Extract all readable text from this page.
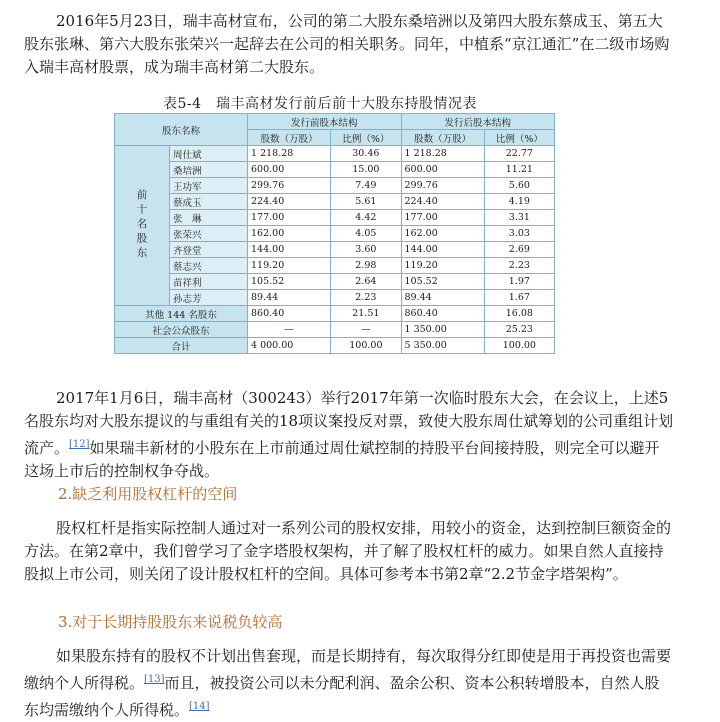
2016年5月23日，瑞丰高材宣布，公司的第二大股东桑培洲以及第四大股东蔡成玉、第五大股东张琳、第六大股东张荣兴一起辞去在公司的相关职务。同年，中植系“京江通汇”在二级市场购入瑞丰高材股票，成为瑞丰高材第二大股东。

表5-4　瑞丰高材发行前后前十大股东持股情况表
股东名称		发行前股本结构		发行后股本结构	
		股数（万股）	比例（%）	股数（万股）	比例（%）
前十名股东	周仕斌	1 218.28	30.46	1 218.28	22.77
	桑培洲	600.00	15.00	600.00	11.21
	王功军	299.76	7.49	299.76	5.60
	蔡成玉	224.40	5.61	224.40	4.19
	张　琳	177.00	4.42	177.00	3.31
	张荣兴	162.00	4.05	162.00	3.03
	齐登堂	144.00	3.60	144.00	2.69
	蔡志兴	119.20	2.98	119.20	2.23
	苗祥利	105.52	2.64	105.52	1.97
	孙志芳	89.44	2.23	89.44	1.67
其他 144 名股东		860.40	21.51	860.40	16.08
社会公众股东		—	—	1 350.00	25.23
合计		4 000.00	100.00	5 350.00	100.00

2017年1月6日，瑞丰高材（300243）举行2017年第一次临时股东大会，在会议上，上述5名股东均对大股东提议的与重组有关的18项议案投反对票，致使大股东周仕斌筹划的公司重组计划流产。[12]如果瑞丰新材的小股东在上市前通过周仕斌控制的持股平台间接持股，则完全可以避开这场上市后的控制权争夺战。

2.缺乏利用股权杠杆的空间

股权杠杆是指实际控制人通过对一系列公司的股权安排，用较小的资金，达到控制巨额资金的方法。在第2章中，我们曾学习了金字塔股权架构，并了解了股权杠杆的威力。如果自然人直接持股拟上市公司，则关闭了设计股权杠杆的空间。具体可参考本书第2章“2.2节金字塔架构”。

3.对于长期持股股东来说税负较高

如果股东持有的股权不计划出售套现，而是长期持有，每次取得分红即使是用于再投资也需要缴纳个人所得税。[13]而且，被投资公司以未分配利润、盈余公积、资本公积转增股本，自然人股东均需缴纳个人所得税。[14]
